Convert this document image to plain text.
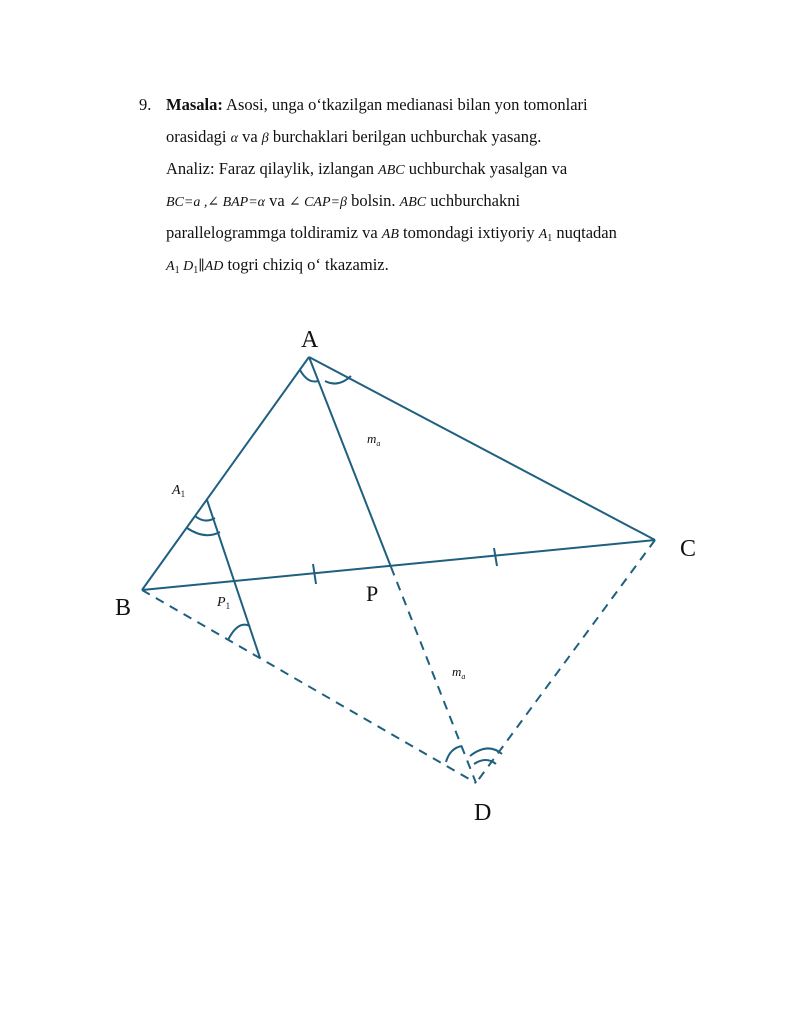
9. Masala: Asosi, unga o‘tkazilgan medianasi bilan yon tomonlari
orasidagi α va β burchaklari berilgan uchburchak yasang.
Analiz: Faraz qilaylik, izlangan ABC uchburchak yasalgan va
BC=a ,∠ BAP=α va ∠ CAP=β bolsin. ABC uchburchakni
parallelogrammga toldiramiz va AB tomondagi ixtiyoriy $A_1$ nuqtadan
$A_1$ $D_1\parallel AD$ togri chiziq o‘ tkazamiz.
A
B
C
D
P
$A_1$
$P_1$
$m_a$
$m_a$
